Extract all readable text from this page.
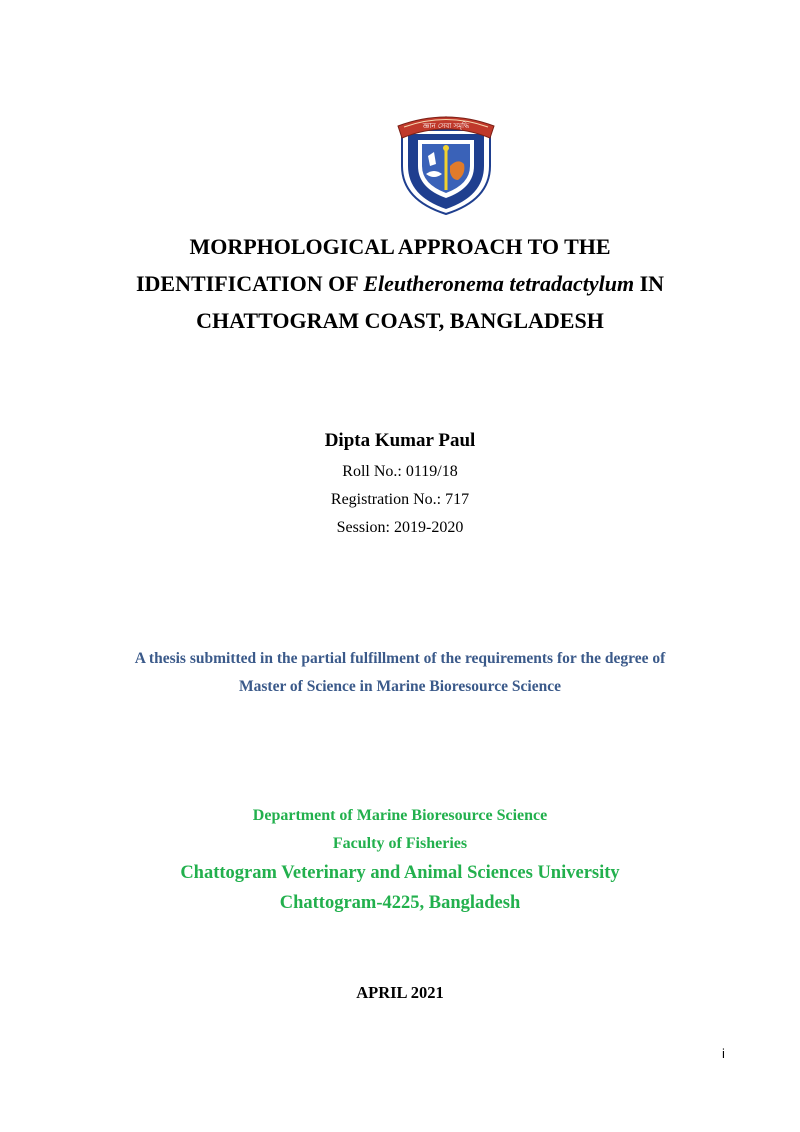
জ্ঞান সেবা সমৃদ্ধি
MORPHOLOGICAL APPROACH TO THE
IDENTIFICATION OF Eleutheronema tetradactylum IN
CHATTOGRAM COAST, BANGLADESH
Dipta Kumar Paul
Roll No.: 0119/18
Registration No.: 717
Session: 2019-2020
A thesis submitted in the partial fulfillment of the requirements for the degree of
Master of Science in Marine Bioresource Science
Department of Marine Bioresource Science
Faculty of Fisheries
Chattogram Veterinary and Animal Sciences University
Chattogram-4225, Bangladesh
APRIL 2021
i
